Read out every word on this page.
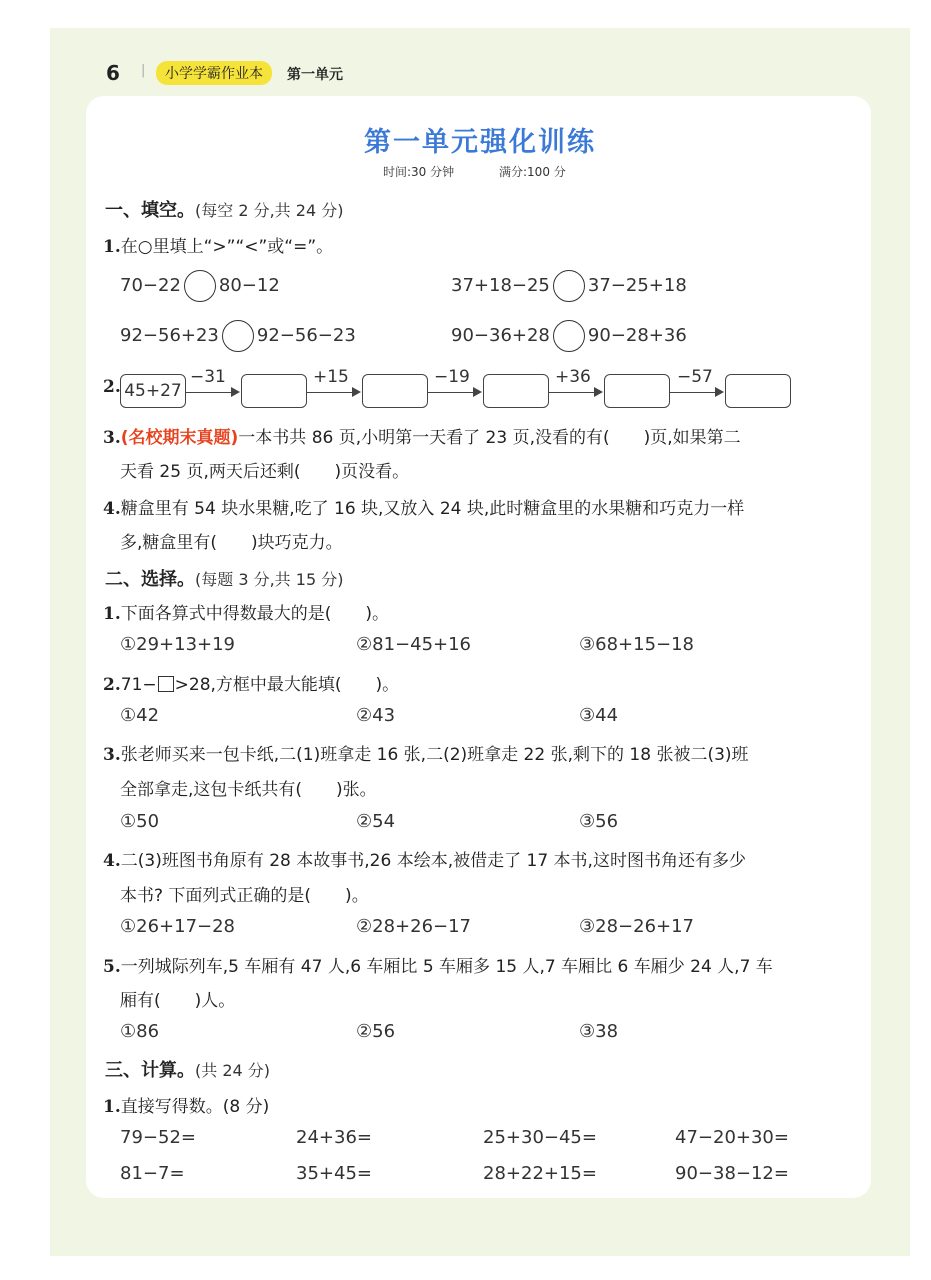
6 |	小学学霸作业本	第一单元
第一单元强化训练
时间:30 分钟	满分:100 分
一、填空。(每空 2 分,共 24 分)
1.在○里填上“>”“<”或“=”。
70−22 80−12	37+18−25 37−25+18
92−56+23 92−56−23	90−36+28 90−28+36
2. 45+27
−31	+15	−19	+36	−57
3.(名校期末真题)一本书共 86 页,小明第一天看了 23 页,没看的有(　　)页,如果第二
天看 25 页,两天后还剩(　　)页没看。
4.糖盒里有 54 块水果糖,吃了 16 块,又放入 24 块,此时糖盒里的水果糖和巧克力一样
多,糖盒里有(　　)块巧克力。
二、选择。(每题 3 分,共 15 分)
1.下面各算式中得数最大的是(　　)。
①29+13+19	②81−45+16	③68+15−18
2.71− >28,方框中最大能填(　　)。
①42	②43	③44
3.张老师买来一包卡纸,二(1)班拿走 16 张,二(2)班拿走 22 张,剩下的 18 张被二(3)班
全部拿走,这包卡纸共有(　　)张。
①50	②54	③56
4.二(3)班图书角原有 28 本故事书,26 本绘本,被借走了 17 本书,这时图书角还有多少
本书? 下面列式正确的是(　　)。
①26+17−28	②28+26−17	③28−26+17
5.一列城际列车,5 车厢有 47 人,6 车厢比 5 车厢多 15 人,7 车厢比 6 车厢少 24 人,7 车
厢有(　　)人。
①86	②56	③38
三、计算。(共 24 分)
1.直接写得数。(8 分)
79−52=	24+36=	25+30−45=	47−20+30=
81−7=	35+45=	28+22+15=	90−38−12=
